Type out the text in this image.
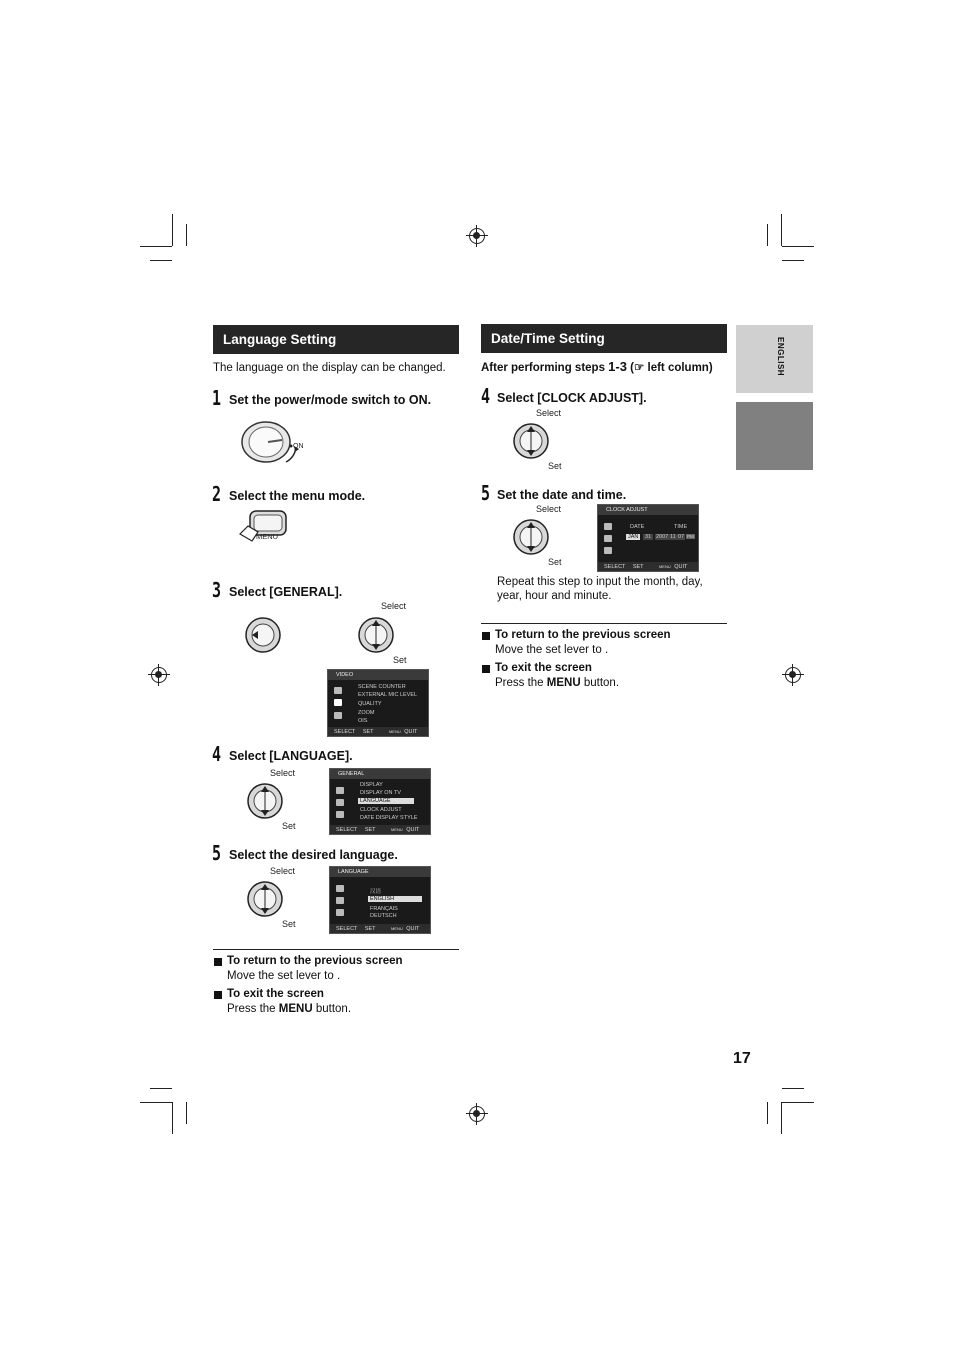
ENGLISH
Language Setting
The language on the display can be changed.
1 Set the power/mode switch to ON.
ON
2 Select the menu mode.
MENU
3 Select [GENERAL].
Select
Set
VIDEO
SCENE COUNTER
EXTERNAL MIC LEVEL
QUALITY
ZOOM
OIS
SELECT SET	MENU QUIT
4 Select [LANGUAGE].
Select
Set
GENERAL
DISPLAY
DISPLAY ON TV
LANGUAGE
CLOCK ADJUST
DATE DISPLAY STYLE
SELECT SET	MENU QUIT
5 Select the desired language.
Select
Set
LANGUAGE
汉语
ENGLISH
FRANÇAIS
DEUTSCH
SELECT SET	MENU QUIT
To return to the previous screen
Move the set lever to .
To exit the screen
Press the MENU button.
Date/Time Setting
After performing steps 1-3 (☞ left column)
4 Select [CLOCK ADJUST].
Select
Set
5 Set the date and time.
Select
Set
CLOCK ADJUST
DATE	TIME
JAN	31 2007 11 07 PM
SELECT SET	MENU QUIT
Repeat this step to input the month, day, year, hour and minute.
To return to the previous screen
Move the set lever to .
To exit the screen
Press the MENU button.
17
